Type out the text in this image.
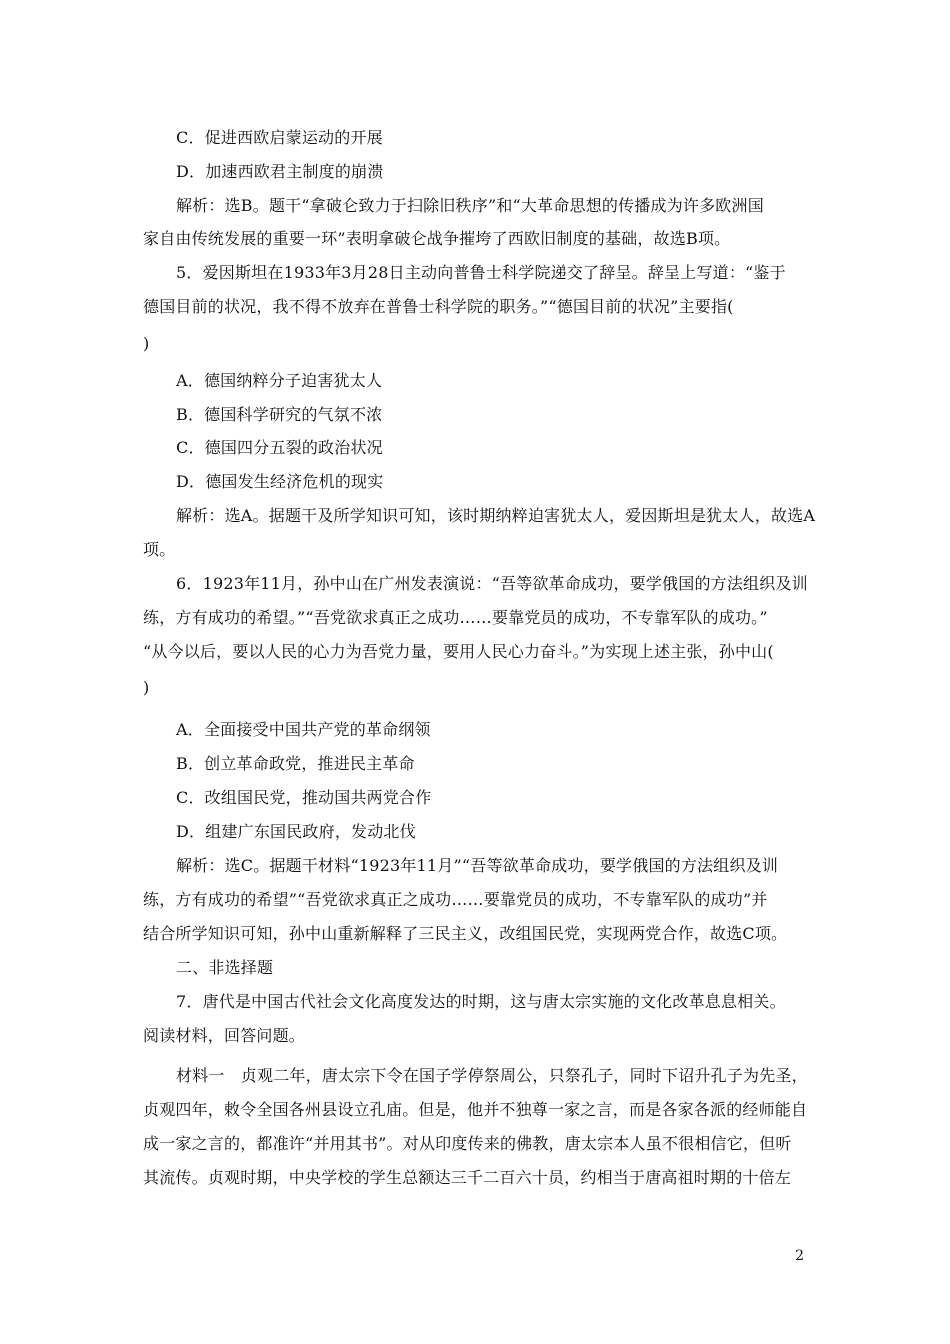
C．促进西欧启蒙运动的开展
D．加速西欧君主制度的崩溃
解析：选B。题干“拿破仑致力于扫除旧秩序”和“大革命思想的传播成为许多欧洲国
家自由传统发展的重要一环”表明拿破仑战争摧垮了西欧旧制度的基础，故选B项。
5．爱因斯坦在1933年3月28日主动向普鲁士科学院递交了辞呈。辞呈上写道：“鉴于
德国目前的状况，我不得不放弃在普鲁士科学院的职务。”“德国目前的状况”主要指(
)
A．德国纳粹分子迫害犹太人
B．德国科学研究的气氛不浓
C．德国四分五裂的政治状况
D．德国发生经济危机的现实
解析：选A。据题干及所学知识可知，该时期纳粹迫害犹太人，爱因斯坦是犹太人，故选A
项。
6．1923年11月，孙中山在广州发表演说：“吾等欲革命成功，要学俄国的方法组织及训
练，方有成功的希望。”“吾党欲求真正之成功……要靠党员的成功，不专靠军队的成功。”
“从今以后，要以人民的心力为吾党力量，要用人民心力奋斗。”为实现上述主张，孙中山(
)
A．全面接受中国共产党的革命纲领
B．创立革命政党，推进民主革命
C．改组国民党，推动国共两党合作
D．组建广东国民政府，发动北伐
解析：选C。据题干材料“1923年11月”“吾等欲革命成功，要学俄国的方法组织及训
练，方有成功的希望”“吾党欲求真正之成功……要靠党员的成功，不专靠军队的成功”并
结合所学知识可知，孙中山重新解释了三民主义，改组国民党，实现两党合作，故选C项。
二、非选择题
7．唐代是中国古代社会文化高度发达的时期，这与唐太宗实施的文化改革息息相关。
阅读材料，回答问题。
材料一　贞观二年，唐太宗下令在国子学停祭周公，只祭孔子，同时下诏升孔子为先圣，
贞观四年，敕令全国各州县设立孔庙。但是，他并不独尊一家之言，而是各家各派的经师能自
成一家之言的，都准许“并用其书”。对从印度传来的佛教，唐太宗本人虽不很相信它，但听
其流传。贞观时期，中央学校的学生总额达三千二百六十员，约相当于唐高祖时期的十倍左
2
